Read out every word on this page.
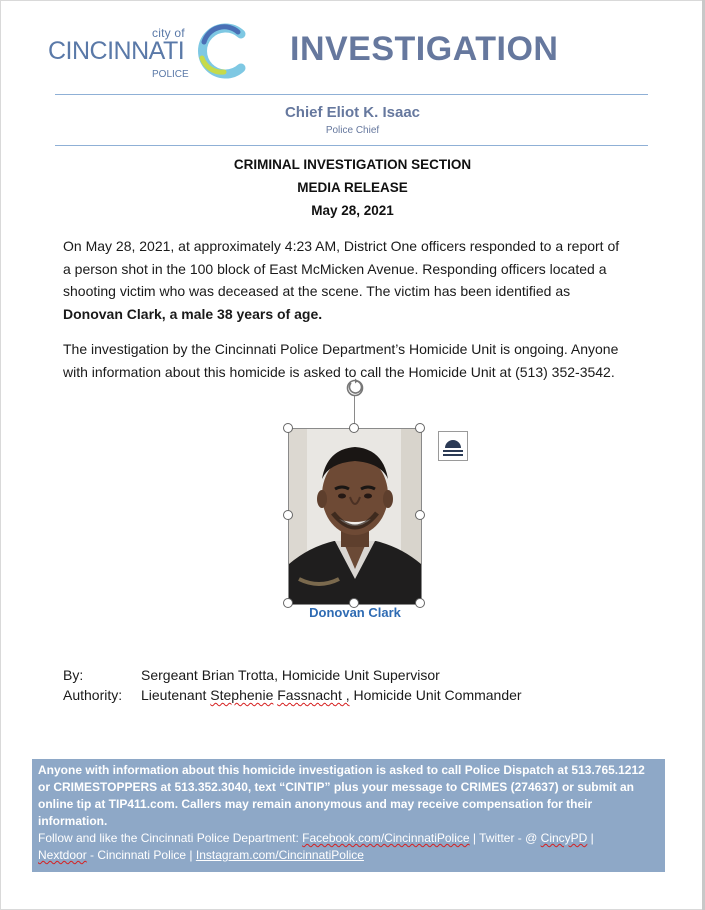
city of
CINCINNATI
POLICE
INVESTIGATION
Chief Eliot K. Isaac
Police Chief
CRIMINAL INVESTIGATION SECTION
MEDIA RELEASE
May 28, 2021
On May 28, 2021, at approximately 4:23 AM, District One officers responded to a report of
a person shot in the 100 block of East McMicken Avenue. Responding officers located a
shooting victim who was deceased at the scene. The victim has been identified as
Donovan Clark, a male 38 years of age.
The investigation by the Cincinnati Police Department’s Homicide Unit is ongoing. Anyone
with information about this homicide is asked to call the Homicide Unit at (513) 352-3542.
Donovan Clark
By:	Sergeant Brian Trotta, Homicide Unit Supervisor
Authority:	Lieutenant Stephenie Fassnacht , Homicide Unit Commander
Anyone with information about this homicide investigation is asked to call Police Dispatch at 513.765.1212
or CRIMESTOPPERS at 513.352.3040, text “CINTIP” plus your message to CRIMES (274637) or submit an
online tip at TIP411.com. Callers may remain anonymous and may receive compensation for their
information.
Follow and like the Cincinnati Police Department: Facebook.com/CincinnatiPolice | Twitter - @ CincyPD |
Nextdoor - Cincinnati Police | Instagram.com/CincinnatiPolice
